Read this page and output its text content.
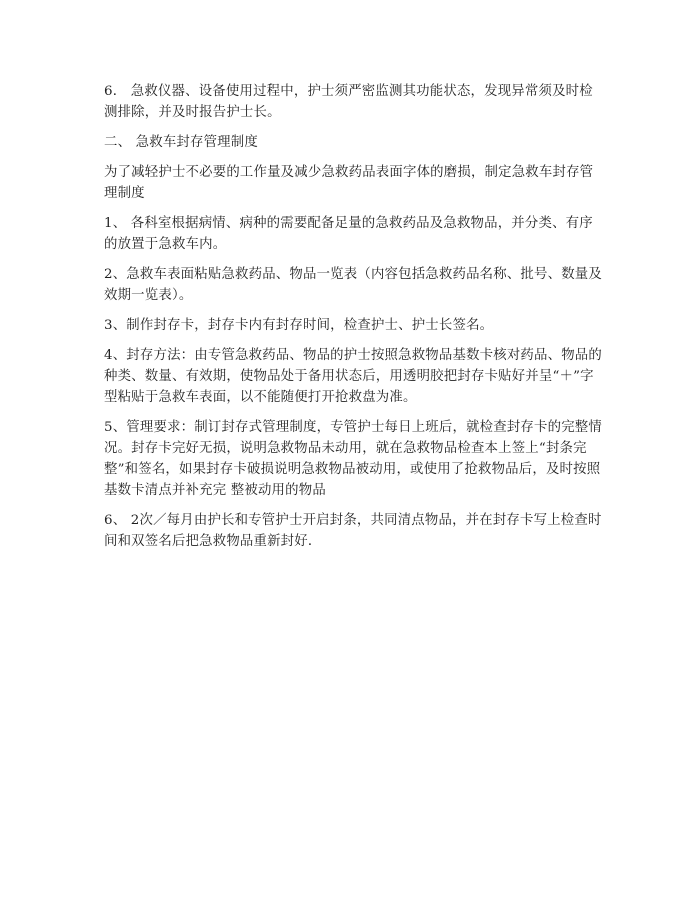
6． 急救仪器、设备使用过程中，护士须严密监测其功能状态，发现异常须及时检测排除，并及时报告护士长。

二、 急救车封存管理制度

为了减轻护士不必要的工作量及减少急救药品表面字体的磨损，制定急救车封存管理制度

1、 各科室根据病情、病种的需要配备足量的急救药品及急救物品，并分类、有序的放置于急救车内。

2、急救车表面粘贴急救药品、物品一览表（内容包括急救药品名称、批号、数量及效期一览表）。

3、制作封存卡，封存卡内有封存时间，检查护士、护士长签名。

4、封存方法：由专管急救药品、物品的护士按照急救物品基数卡核对药品、物品的种类、数量、有效期，使物品处于备用状态后，用透明胶把封存卡贴好并呈“＋”字型粘贴于急救车表面，以不能随便打开抢救盘为准。

5、管理要求：制订封存式管理制度，专管护士每日上班后，就检查封存卡的完整情况。封存卡完好无损，说明急救物品未动用，就在急救物品检查本上签上“封条完整”和签名，如果封存卡破损说明急救物品被动用，或使用了抢救物品后，及时按照基数卡清点并补充完 整被动用的物品

6、 2次／每月由护长和专管护士开启封条，共同清点物品，并在封存卡写上检查时间和双签名后把急救物品重新封好．
